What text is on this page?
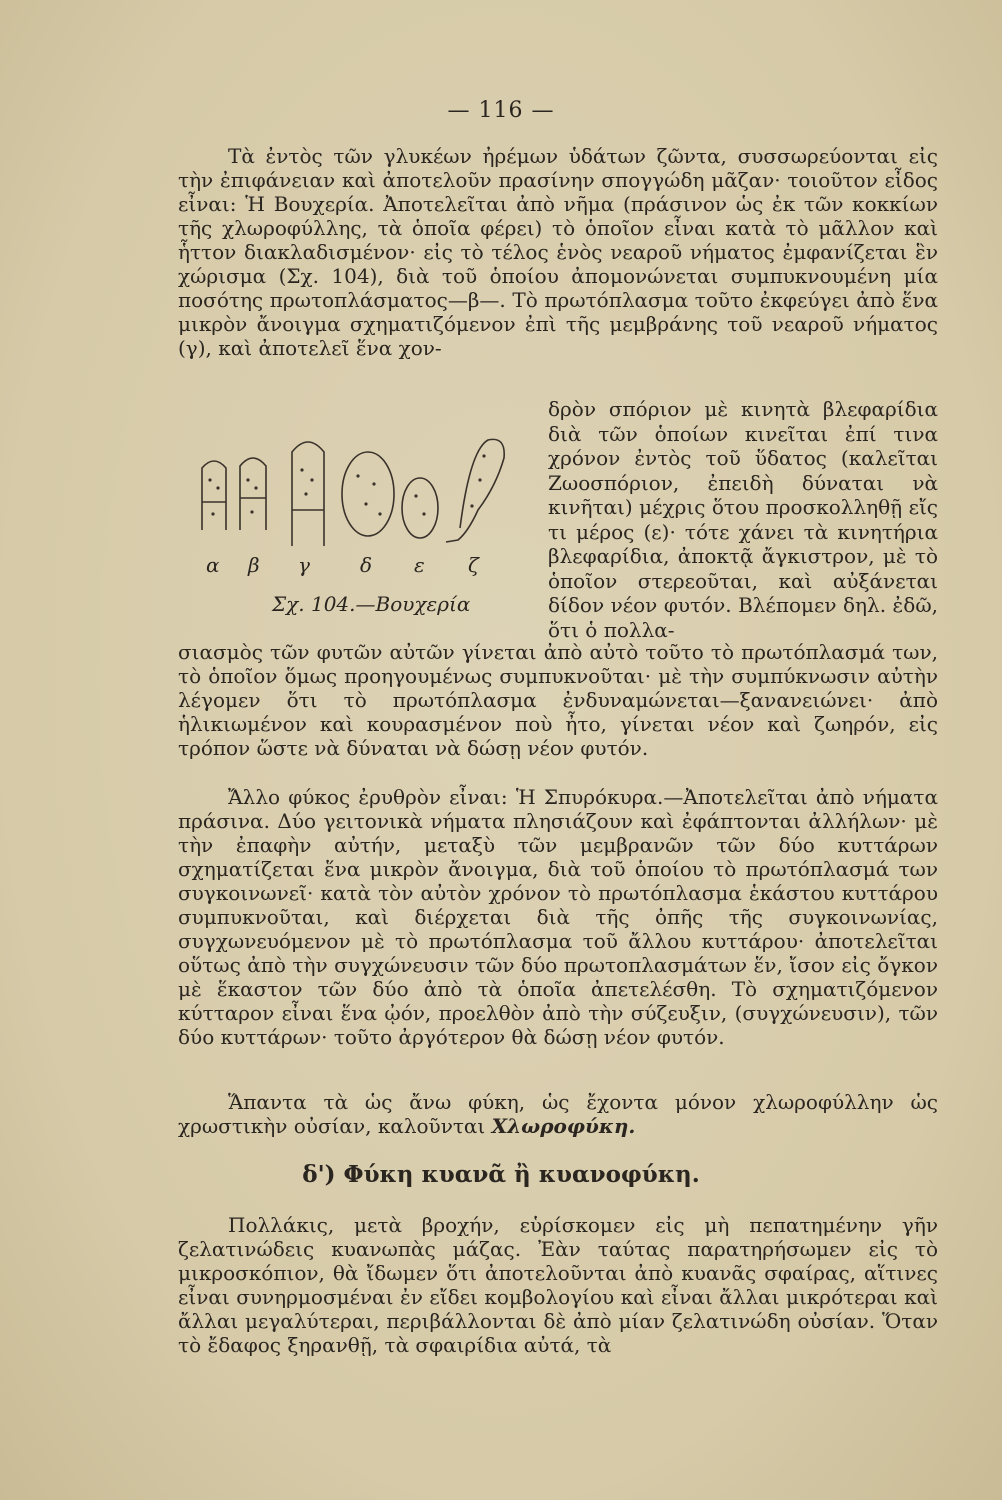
— 116 —

Τὰ ἐντὸς τῶν γλυκέων ἠρέμων ὑδάτων ζῶντα, συσσωρεύονται εἰς τὴν ἐπιφάνειαν καὶ ἀποτελοῦν πρασίνην σπογγώδη μᾶζαν· τοιοῦτον εἶδος εἶναι: Ἡ Βουχερία. Ἀποτελεῖται ἀπὸ νῆμα (πράσινον ὡς ἐκ τῶν κοκκίων τῆς χλωροφύλλης, τὰ ὁποῖα φέρει) τὸ ὁποῖον εἶναι κατὰ τὸ μᾶλλον καὶ ἧττον διακλαδισμένον· εἰς τὸ τέλος ἑνὸς νεαροῦ νήματος ἐμφανίζεται ἓν χώρισμα (Σχ. 104), διὰ τοῦ ὁποίου ἀπομονώνεται συμπυκνουμένη μία ποσότης πρωτοπλάσματος—β—. Τὸ πρωτόπλασμα τοῦτο ἐκφεύγει ἀπὸ ἕνα μικρὸν ἄνοιγμα σχηματιζόμενον ἐπὶ τῆς μεμβράνης τοῦ νεαροῦ νήματος (γ), καὶ ἀποτελεῖ ἕνα χον-

δρὸν σπόριον μὲ κινητὰ βλεφαρίδια διὰ τῶν ὁποίων κινεῖται ἐπί τινα χρόνον ἐντὸς τοῦ ὕδατος (καλεῖται Ζωοσπόριον, ἐπειδὴ δύναται νὰ κινῆται) μέχρις ὅτου προσκολληθῇ εἴς τι μέρος (ε)· τότε χάνει τὰ κινητήρια βλεφαρίδια, ἀποκτᾷ ἄγκιστρον, μὲ τὸ ὁποῖον στερεοῦται, καὶ αὐξάνεται δίδον νέον φυτόν. Βλέπομεν δηλ. ἐδῶ, ὅτι ὁ πολλα-
α β γ	δ ε ζ
Σχ. 104.—Βουχερία

σιασμὸς τῶν φυτῶν αὐτῶν γίνεται ἀπὸ αὐτὸ τοῦτο τὸ πρωτόπλασμά των, τὸ ὁποῖον ὅμως προηγουμένως συμπυκνοῦται· μὲ τὴν συμπύκνωσιν αὐτὴν λέγομεν ὅτι τὸ πρωτόπλασμα ἐνδυναμώνεται—ξανανειώνει· ἀπὸ ἡλικιωμένον καὶ κουρασμένον ποὺ ἦτο, γίνεται νέον καὶ ζωηρόν, εἰς τρόπον ὥστε νὰ δύναται νὰ δώσῃ νέον φυτόν.

Ἄλλο φύκος ἐρυθρὸν εἶναι: Ἡ Σπυρόκυρα.—Ἀποτελεῖται ἀπὸ νήματα πράσινα. Δύο γειτονικὰ νήματα πλησιάζουν καὶ ἐφάπτονται ἀλλήλων· μὲ τὴν ἐπαφὴν αὐτήν, μεταξὺ τῶν μεμβρανῶν τῶν δύο κυττάρων σχηματίζεται ἕνα μικρὸν ἄνοιγμα, διὰ τοῦ ὁποίου τὸ πρωτόπλασμά των συγκοινωνεῖ· κατὰ τὸν αὐτὸν χρόνον τὸ πρωτόπλασμα ἑκάστου κυττάρου συμπυκνοῦται, καὶ διέρχεται διὰ τῆς ὀπῆς τῆς συγκοινωνίας, συγχωνευόμενον μὲ τὸ πρωτόπλασμα τοῦ ἄλλου κυττάρου· ἀποτελεῖται οὕτως ἀπὸ τὴν συγχώνευσιν τῶν δύο πρωτοπλασμάτων ἕν, ἴσον εἰς ὄγκον μὲ ἕκαστον τῶν δύο ἀπὸ τὰ ὁποῖα ἀπετελέσθη. Τὸ σχηματιζόμενον κύτταρον εἶναι ἕνα ᾠόν, προελθὸν ἀπὸ τὴν σύζευξιν, (συγχώνευσιν), τῶν δύο κυττάρων· τοῦτο ἀργότερον θὰ δώσῃ νέον φυτόν.

Ἅπαντα τὰ ὡς ἄνω φύκη, ὡς ἔχοντα μόνον χλωροφύλλην ὡς χρωστικὴν οὐσίαν, καλοῦνται Χλωροφύκη.

δ') Φύκη κυανᾶ ἢ κυανοφύκη.

Πολλάκις, μετὰ βροχήν, εὑρίσκομεν εἰς μὴ πεπατημένην γῆν ζελατινώδεις κυανωπὰς μάζας. Ἐὰν ταύτας παρατηρήσωμεν εἰς τὸ μικροσκόπιον, θὰ ἴδωμεν ὅτι ἀποτελοῦνται ἀπὸ κυανᾶς σφαίρας, αἵτινες εἶναι συνηρμοσμέναι ἐν εἴδει κομβολογίου καὶ εἶναι ἄλλαι μικρότεραι καὶ ἄλλαι μεγαλύτεραι, περιβάλλονται δὲ ἀπὸ μίαν ζελατινώδη οὐσίαν. Ὅταν τὸ ἔδαφος ξηρανθῇ, τὰ σφαιρίδια αὐτά, τὰ
